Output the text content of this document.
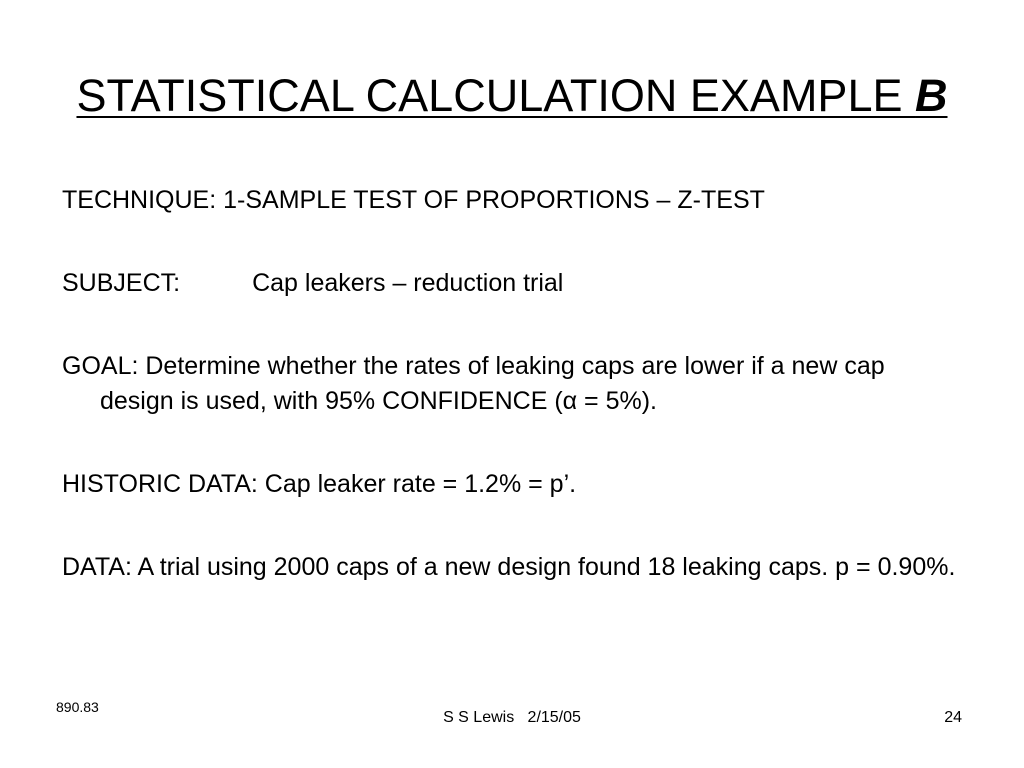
STATISTICAL CALCULATION EXAMPLE B

TECHNIQUE: 1-SAMPLE TEST OF PROPORTIONS – Z-TEST

SUBJECT:	Cap leakers – reduction trial

GOAL: Determine whether the rates of leaking caps are lower if a new cap design is used, with 95% CONFIDENCE (α = 5%).

HISTORIC DATA: Cap leaker rate = 1.2% = p’.

DATA: A trial using 2000 caps of a new design found 18 leaking caps. p = 0.90%.

890.83
S S Lewis   2/15/05	24
